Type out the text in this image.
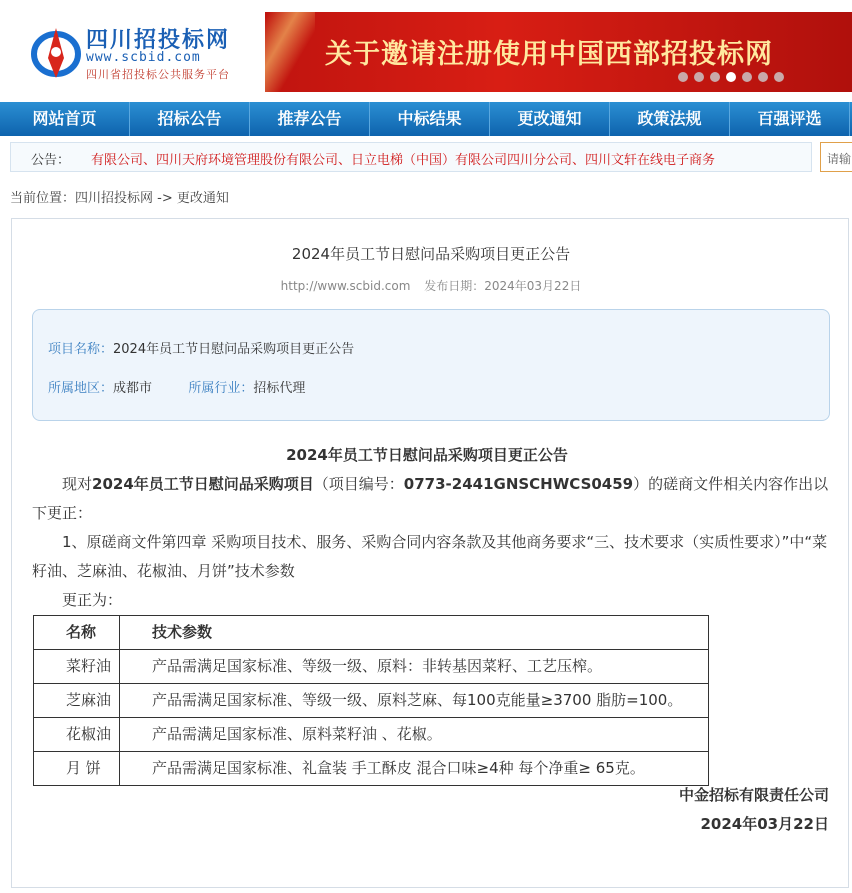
四川招投标网
www.scbid.com
四川省招投标公共服务平台
关于邀请注册使用中国西部招投标网
网站首页	招标公告	推荐公告	中标结果	更改通知	政策法规	百强评选
公告： 有限公司、四川天府环境管理股份有限公司、日立电梯（中国）有限公司四川分公司、四川文轩在线电子商务	请输
当前位置：四川招投标网 -> 更改通知
2024年员工节日慰问品采购项目更正公告
http://www.scbid.com 发布日期：2024年03月22日
项目名称：2024年员工节日慰问品采购项目更正公告
所属地区：成都市	所属行业：招标代理
2024年员工节日慰问品采购项目更正公告
现对2024年员工节日慰问品采购项目（项目编号：0773-2441GNSCHWCS0459）的磋商文件相关内容作出以下更正：
1、原磋商文件第四章 采购项目技术、服务、采购合同内容条款及其他商务要求“三、技术要求（实质性要求）”中“菜籽油、芝麻油、花椒油、月饼”技术参数
更正为：
名称	技术参数
菜籽油	产品需满足国家标准、等级一级、原料：非转基因菜籽、工艺压榨。
芝麻油	产品需满足国家标准、等级一级、原料芝麻、每100克能量≥3700 脂肪=100。
花椒油	产品需满足国家标准、原料菜籽油 、花椒。
月 饼	产品需满足国家标准、礼盒装 手工酥皮 混合口味≥4种 每个净重≥ 65克。
中金招标有限责任公司
2024年03月22日
